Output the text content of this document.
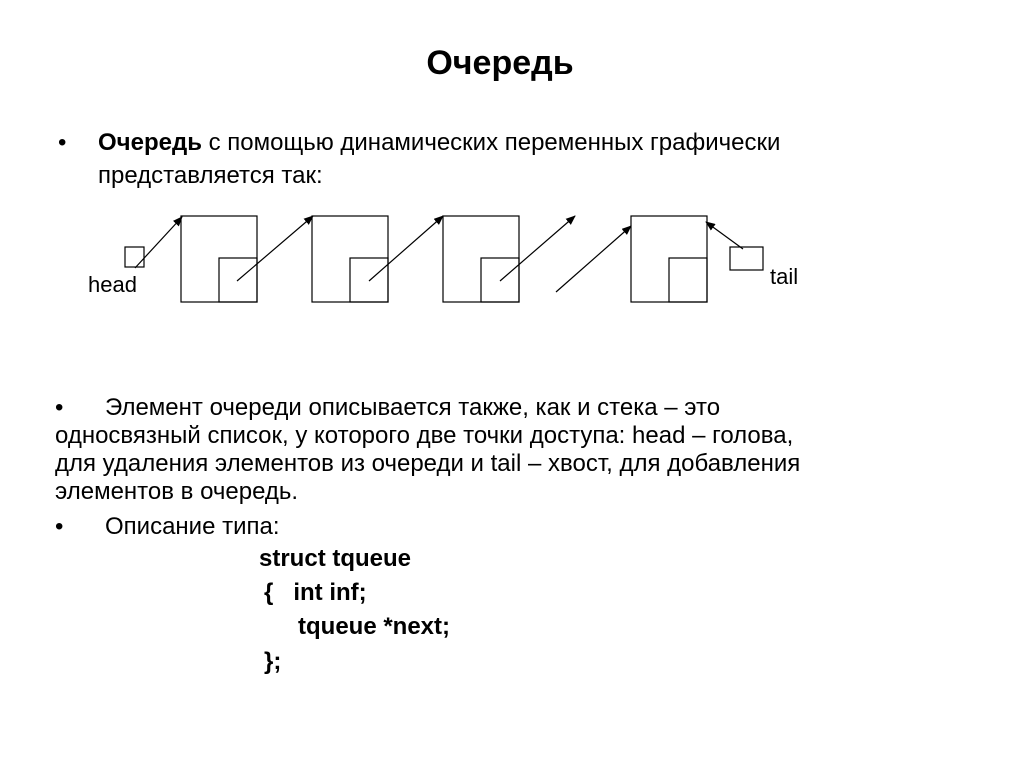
Очередь
• Очередь с помощью динамических переменных графически
представляется так:
head	tail
• Элемент очереди описывается также, как и стека – это
односвязный список, у которого две точки доступа: head – голова,
для удаления элементов из очереди и tail – хвост, для добавления
элементов в очередь.
• Описание типа:
struct tqueue
{   int inf;
tqueue *next;
};
